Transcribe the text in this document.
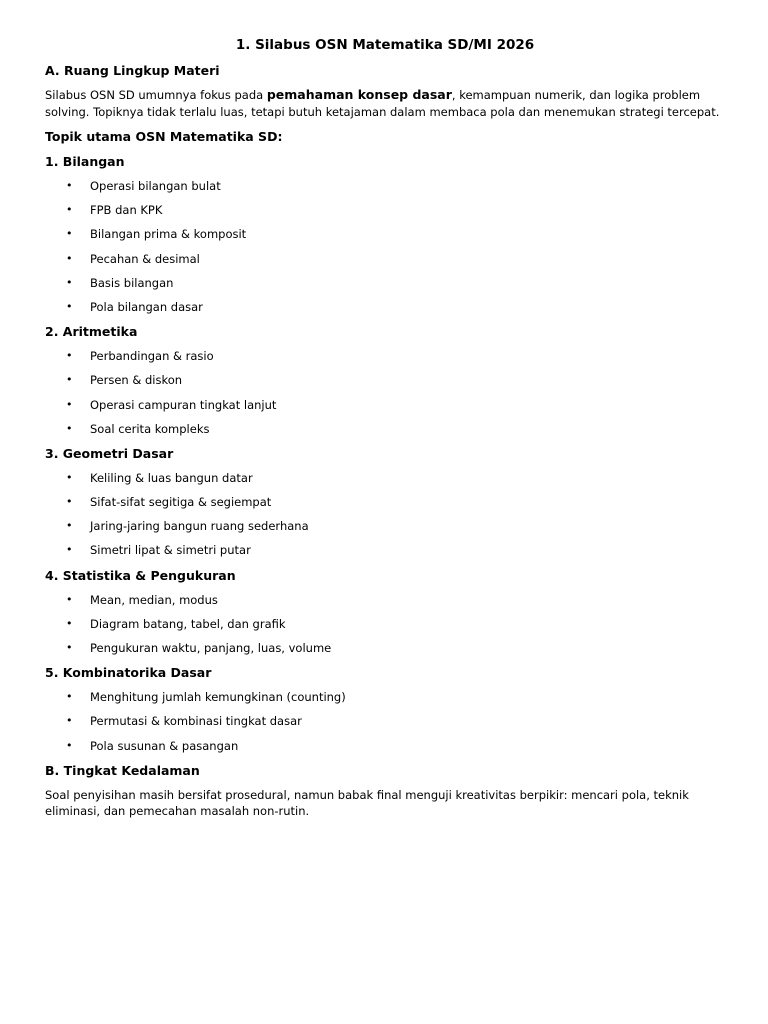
1. Silabus OSN Matematika SD/MI 2026
A. Ruang Lingkup Materi

Silabus OSN SD umumnya fokus pada pemahaman konsep dasar, kemampuan numerik, dan logika problem solving. Topiknya tidak terlalu luas, tetapi butuh ketajaman dalam membaca pola dan menemukan strategi tercepat.

Topik utama OSN Matematika SD:
1. Bilangan
• Operasi bilangan bulat
• FPB dan KPK
• Bilangan prima & komposit
• Pecahan & desimal
• Basis bilangan
• Pola bilangan dasar
2. Aritmetika
• Perbandingan & rasio
• Persen & diskon
• Operasi campuran tingkat lanjut
• Soal cerita kompleks
3. Geometri Dasar
• Keliling & luas bangun datar
• Sifat-sifat segitiga & segiempat
• Jaring-jaring bangun ruang sederhana
• Simetri lipat & simetri putar
4. Statistika & Pengukuran
• Mean, median, modus
• Diagram batang, tabel, dan grafik
• Pengukuran waktu, panjang, luas, volume
5. Kombinatorika Dasar
• Menghitung jumlah kemungkinan (counting)
• Permutasi & kombinasi tingkat dasar
• Pola susunan & pasangan
B. Tingkat Kedalaman

Soal penyisihan masih bersifat prosedural, namun babak final menguji kreativitas berpikir: mencari pola, teknik eliminasi, dan pemecahan masalah non-rutin.
